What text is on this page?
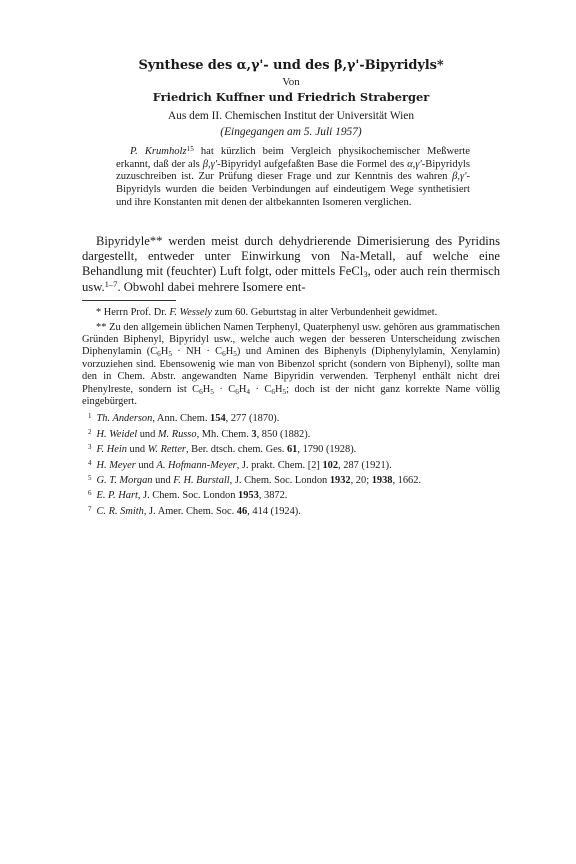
Synthese des α,γ'- und des β,γ'-Bipyridyls*

Von

Friedrich Kuffner und Friedrich Straberger

Aus dem II. Chemischen Institut der Universität Wien

(Eingegangen am 5. Juli 1957)

P. Krumholz$^{15}$ hat kürzlich beim Vergleich physikochemischer Meßwerte erkannt, daß der als β,γ'-Bipyridyl aufgefaßten Base die Formel des α,γ'-Bipyridyls zuzuschreiben ist. Zur Prüfung dieser Frage und zur Kenntnis des wahren β,γ'-Bipyridyls wurden die beiden Verbindungen auf eindeutigem Wege synthetisiert und ihre Konstanten mit denen der altbekannten Isomeren verglichen.

Bipyridyle** werden meist durch dehydrierende Dimerisierung des Pyridins dargestellt, entweder unter Einwirkung von Na-Metall, auf welche eine Behandlung mit (feuchter) Luft folgt, oder mittels FeCl$_3$, oder auch rein thermisch usw.$^{1-7}$. Obwohl dabei mehrere Isomere ent-

* Herrn Prof. Dr. F. Wessely zum 60. Geburtstag in alter Verbundenheit gewidmet.

** Zu den allgemein üblichen Namen Terphenyl, Quaterphenyl usw. gehören aus grammatischen Gründen Biphenyl, Bipyridyl usw., welche auch wegen der besseren Unterscheidung zwischen Diphenylamin ($C_6H_5$ · NH · $C_6H_5$) und Aminen des Biphenyls (Diphenylylamin, Xenylamin) vorzuziehen sind. Ebensowenig wie man von Bibenzol spricht (sondern von Biphenyl), sollte man den in Chem. Abstr. angewandten Name Bipyridin verwenden. Terphenyl enthält nicht drei Phenylreste, sondern ist $C_6H_5 \cdot C_6H_4 \cdot C_6H_5$; doch ist der nicht ganz korrekte Name völlig eingebürgert.

$^1$ Th. Anderson, Ann. Chem. 154, 277 (1870).

$^2$ H. Weidel und M. Russo, Mh. Chem. 3, 850 (1882).

$^3$ F. Hein und W. Retter, Ber. dtsch. chem. Ges. 61, 1790 (1928).

$^4$ H. Meyer und A. Hofmann-Meyer, J. prakt. Chem. [2] 102, 287 (1921).

$^5$ G. T. Morgan und F. H. Burstall, J. Chem. Soc. London 1932, 20; 1938, 1662.

$^6$ E. P. Hart, J. Chem. Soc. London 1953, 3872.

$^7$ C. R. Smith, J. Amer. Chem. Soc. 46, 414 (1924).
